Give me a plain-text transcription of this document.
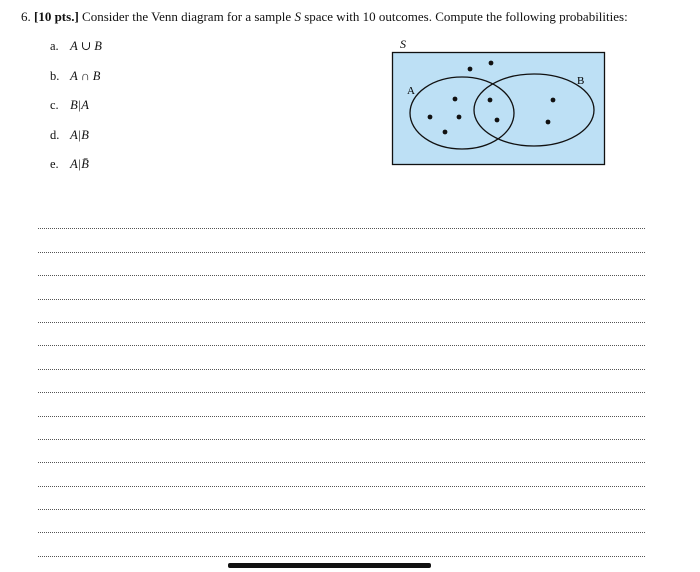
6. [10 pts.] Consider the Venn diagram for a sample S space with 10 outcomes. Compute the following probabilities:
a. A ∪ B
b. A ∩ B
c. B|A
d. A|B
e. A|B̄
S
A
B
